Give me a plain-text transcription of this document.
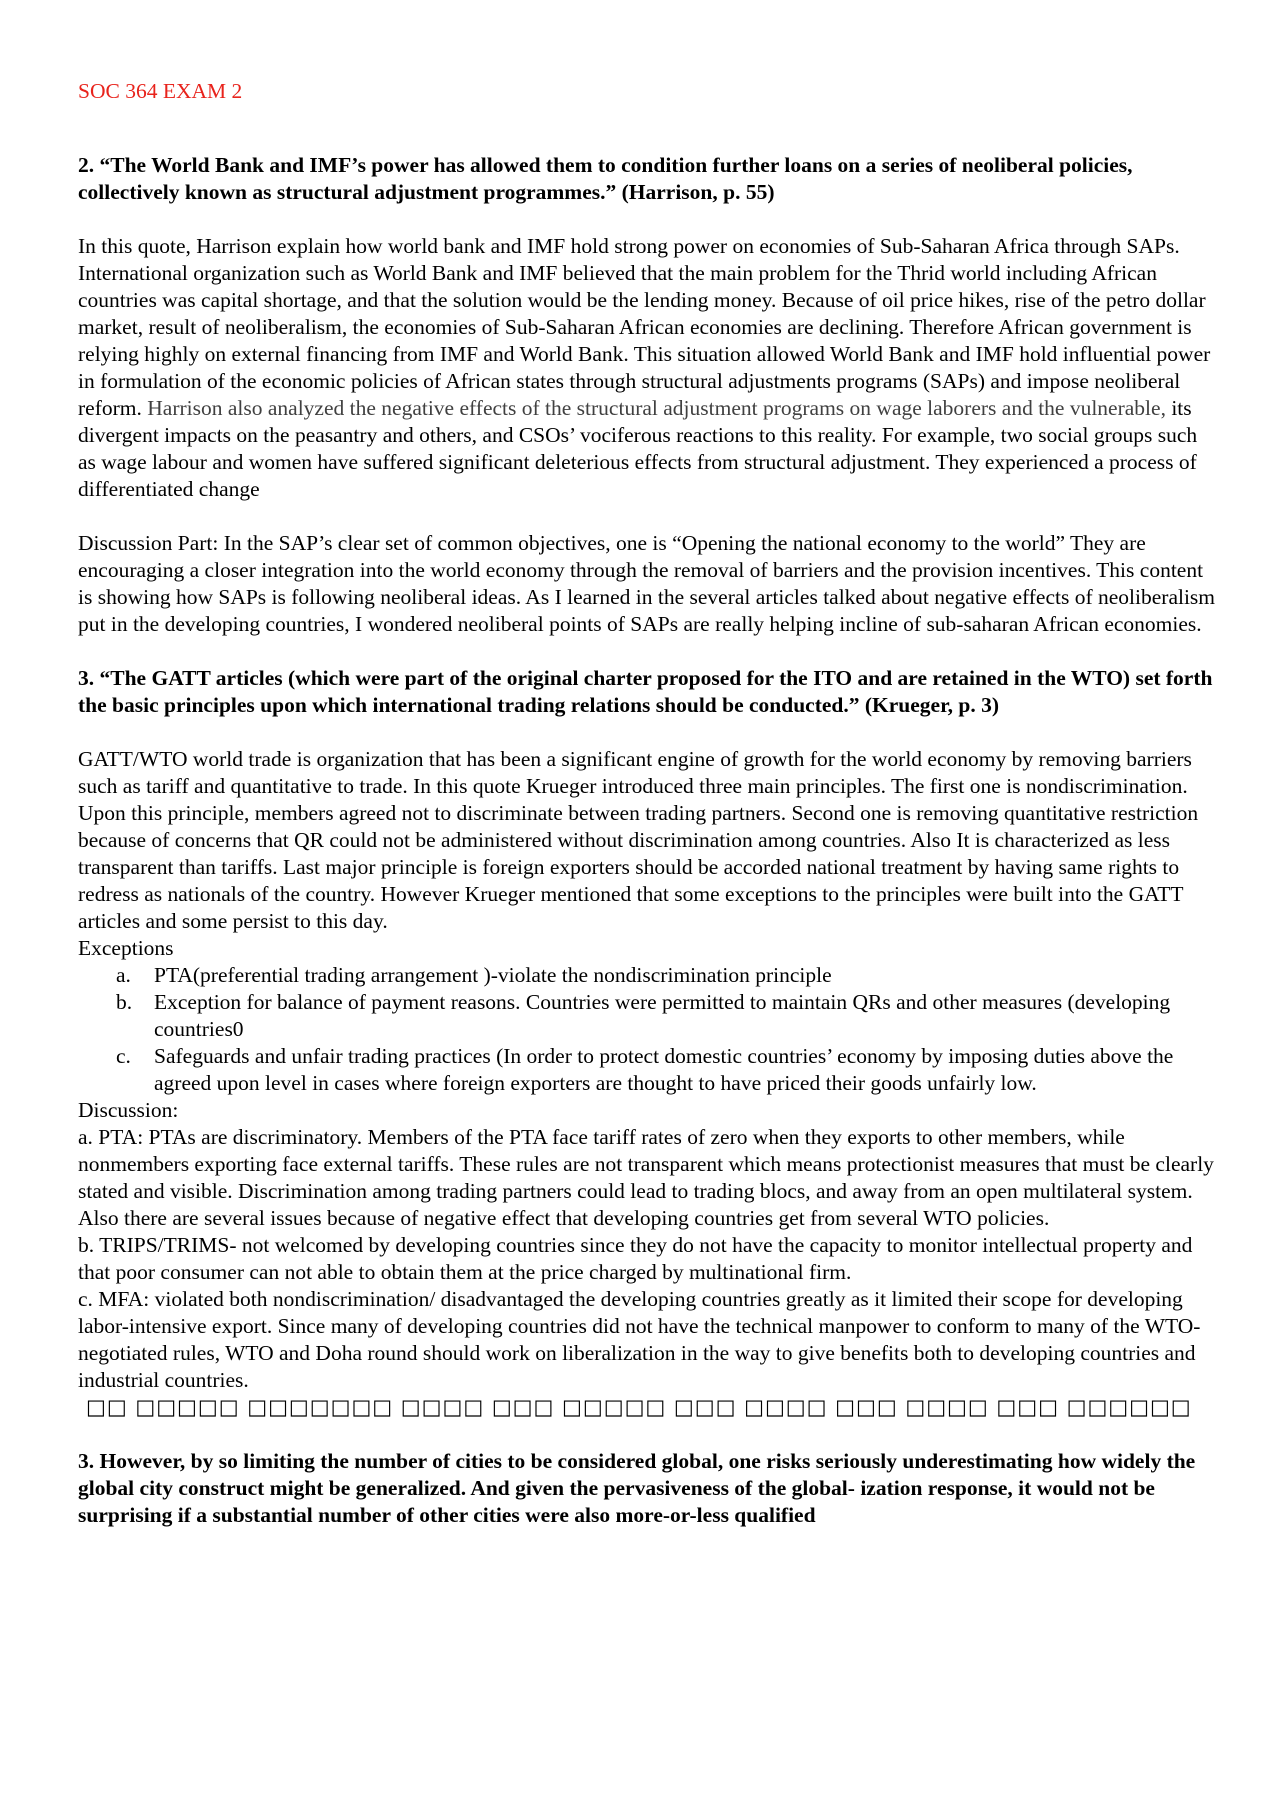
SOC 364 EXAM 2
2. “The World Bank and IMF’s power has allowed them to condition further loans on a series of neoliberal policies, collectively known as structural adjustment programmes.” (Harrison, p. 55)
In this quote, Harrison explain how world bank and IMF hold strong power on economies of Sub-Saharan Africa through SAPs. International organization such as World Bank and IMF believed that the main problem for the Thrid world including African countries was capital shortage, and that the solution would be the lending money. Because of oil price hikes, rise of the petro dollar market, result of neoliberalism, the economies of Sub-Saharan African economies are declining. Therefore African government is relying highly on external financing from IMF and World Bank. This situation allowed World Bank and IMF hold influential power in formulation of the economic policies of African states through structural adjustments programs (SAPs) and impose neoliberal reform. Harrison also analyzed the negative effects of the structural adjustment programs on wage laborers and the vulnerable, its divergent impacts on the peasantry and others, and CSOs’ vociferous reactions to this reality. For example, two social groups such as wage labour and women have suffered significant deleterious effects from structural adjustment. They experienced a process of differentiated change
Discussion Part: In the SAP’s clear set of common objectives, one is “Opening the national economy to the world” They are encouraging a closer integration into the world economy through the removal of barriers and the provision incentives. This content is showing how SAPs is following neoliberal ideas. As I learned in the several articles talked about negative effects of neoliberalism put in the developing countries, I wondered neoliberal points of SAPs are really helping incline of sub-saharan African economies.
3. “The GATT articles (which were part of the original charter proposed for the ITO and are retained in the WTO) set forth the basic principles upon which international trading relations should be conducted.” (Krueger, p. 3)
GATT/WTO world trade is organization that has been a significant engine of growth for the world economy by removing barriers such as tariff and quantitative to trade. In this quote Krueger introduced three main principles. The first one is nondiscrimination. Upon this principle, members agreed not to discriminate between trading partners. Second one is removing quantitative restriction because of concerns that QR could not be administered without discrimination among countries. Also It is characterized as less transparent than tariffs. Last major principle is foreign exporters should be accorded national treatment by having same rights to redress as nationals of the country. However Krueger mentioned that some exceptions to the principles were built into the GATT articles and some persist to this day.
Exceptions
a. PTA(preferential trading arrangement )-violate the nondiscrimination principle
b. Exception for balance of payment reasons. Countries were permitted to maintain QRs and other measures (developing countries0
c. Safeguards and unfair trading practices (In order to protect domestic countries’ economy by imposing duties above the agreed upon level in cases where foreign exporters are thought to have priced their goods unfairly low.
Discussion:
a. PTA: PTAs are discriminatory. Members of the PTA face tariff rates of zero when they exports to other members, while nonmembers exporting face external tariffs. These rules are not transparent which means protectionist measures that must be clearly stated and visible. Discrimination among trading partners could lead to trading blocs, and away from an open multilateral system.
Also there are several issues because of negative effect that developing countries get from several WTO policies.
b. TRIPS/TRIMS- not welcomed by developing countries since they do not have the capacity to monitor intellectual property and that poor consumer can not able to obtain them at the price charged by multinational firm.
c. MFA: violated both nondiscrimination/ disadvantaged the developing countries greatly as it limited their scope for developing labor-intensive export. Since many of developing countries did not have the technical manpower to conform to many of the WTO-negotiated rules, WTO and Doha round should work on liberalization in the way to give benefits both to developing countries and industrial countries.
□□ □□□□□ □□□□□□□ □□□□ □□□ □□□□□ □□□ □□□□ □□□ □□□□ □□□ □□□□□□
3. However, by so limiting the number of cities to be considered global, one risks seriously underestimating how widely the global city construct might be generalized. And given the pervasiveness of the global- ization response, it would not be surprising if a substantial number of other cities were also more-or-less qualified
